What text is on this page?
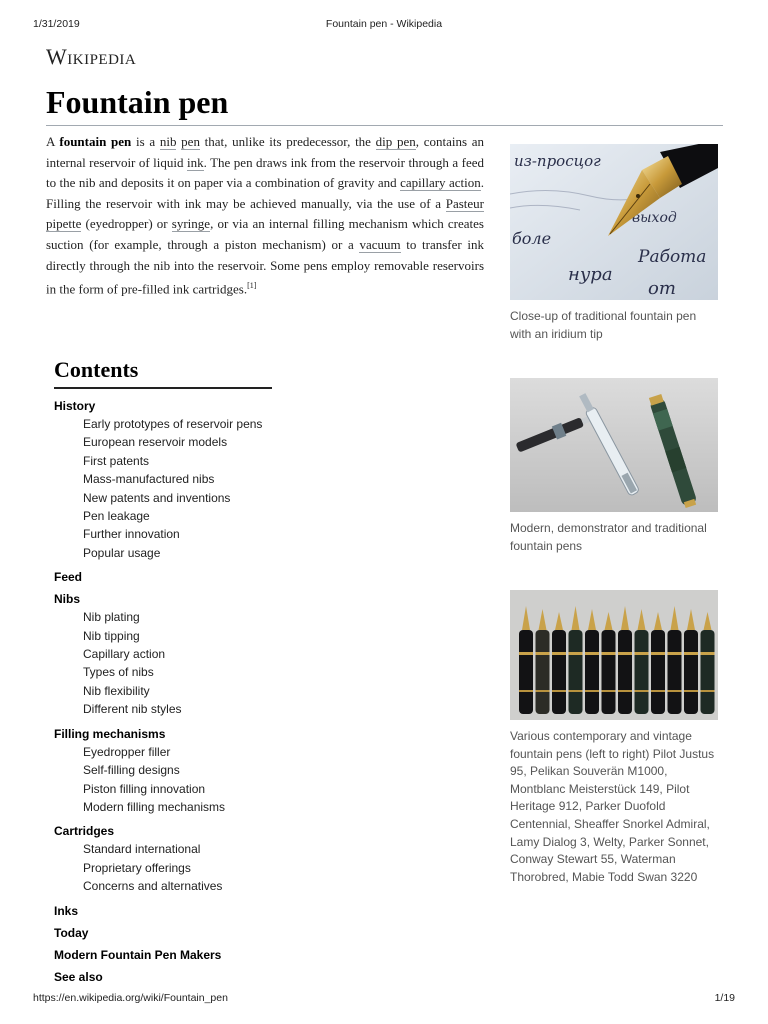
1/31/2019	Fountain pen - Wikipedia
Wikipedia
Fountain pen

A fountain pen is a nib pen that, unlike its predecessor, the dip pen, contains an internal reservoir of liquid ink. The pen draws ink from the reservoir through a feed to the nib and deposits it on paper via a combination of gravity and capillary action. Filling the reservoir with ink may be achieved manually, via the use of a Pasteur pipette (eyedropper) or syringe, or via an internal filling mechanism which creates suction (for example, through a piston mechanism) or a vacuum to transfer ink directly through the nib into the reservoir. Some pens employ removable reservoirs in the form of pre-filled ink cartridges.[1]

Contents
History
Early prototypes of reservoir pens
European reservoir models
First patents
Mass-manufactured nibs
New patents and inventions
Pen leakage
Further innovation
Popular usage
Feed
Nibs
Nib plating
Nib tipping
Capillary action
Types of nibs
Nib flexibility
Different nib styles
Filling mechanisms
Eyedropper filler
Self-filling designs
Piston filling innovation
Modern filling mechanisms
Cartridges
Standard international
Proprietary offerings
Concerns and alternatives
Inks
Today
Modern Fountain Pen Makers
See also
из-просцог
выход
боле
Работа
нура
от
Close-up of traditional fountain pen with an iridium tip
Modern, demonstrator and traditional fountain pens
Various contemporary and vintage fountain pens (left to right) Pilot Justus 95, Pelikan Souverän M1000, Montblanc Meisterstück 149, Pilot Heritage 912, Parker Duofold Centennial, Sheaffer Snorkel Admiral, Lamy Dialog 3, Welty, Parker Sonnet, Conway Stewart 55, Waterman Thorobred, Mabie Todd Swan 3220
https://en.wikipedia.org/wiki/Fountain_pen	1/19
